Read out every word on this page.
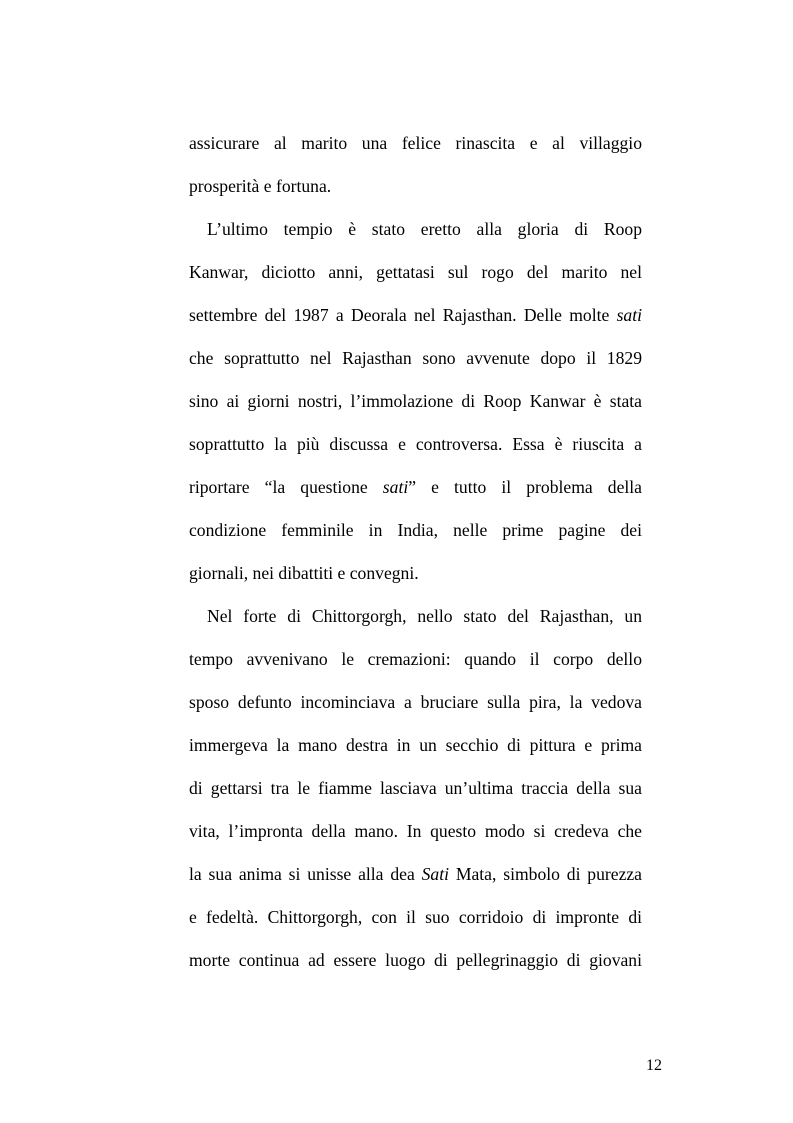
assicurare al marito una felice rinascita e al villaggio
prosperità e fortuna.
L’ultimo tempio è stato eretto alla gloria di Roop
Kanwar, diciotto anni, gettatasi sul rogo del marito nel
settembre del 1987 a Deorala nel Rajasthan. Delle molte sati
che soprattutto nel Rajasthan sono avvenute dopo il 1829
sino ai giorni nostri, l’immolazione di Roop Kanwar è stata
soprattutto la più discussa e controversa. Essa è riuscita a
riportare “la questione sati” e tutto il problema della
condizione femminile in India, nelle prime pagine dei
giornali, nei dibattiti e convegni.
Nel forte di Chittorgorgh, nello stato del Rajasthan, un
tempo avvenivano le cremazioni: quando il corpo dello
sposo defunto incominciava a bruciare sulla pira, la vedova
immergeva la mano destra in un secchio di pittura e prima
di gettarsi tra le fiamme lasciava un’ultima traccia della sua
vita, l’impronta della mano. In questo modo si credeva che
la sua anima si unisse alla dea Sati Mata, simbolo di purezza
e fedeltà. Chittorgorgh, con il suo corridoio di impronte di
morte continua ad essere luogo di pellegrinaggio di giovani
12
